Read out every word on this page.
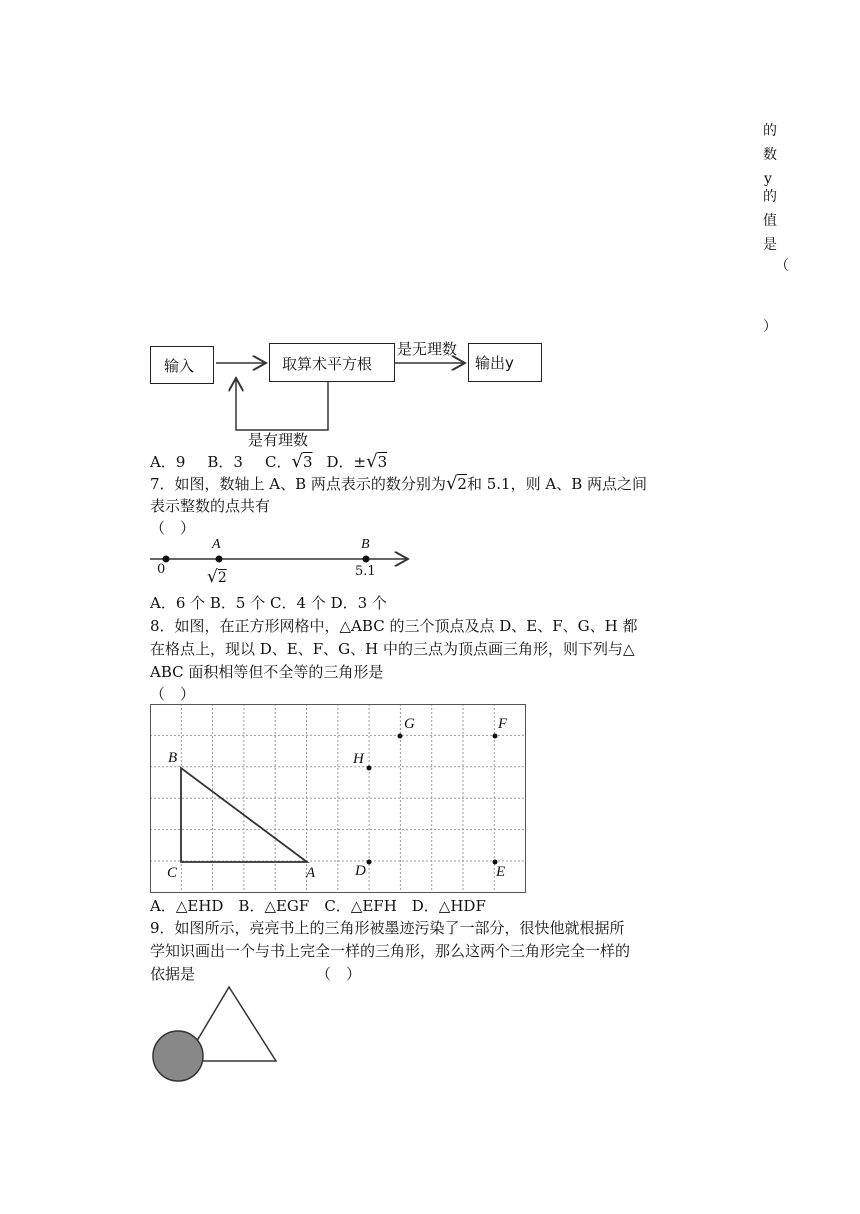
的
数
y
的
值
是
（
）
输入	取算术平方根
是无理数
输出y
是有理数
A．9 B．3 C．√3 D．±√3
7．如图，数轴上 A、B 两点表示的数分别为√2和 5.1，则 A、B 两点之间
表示整数的点共有
（　）
0
A
√2
B
5.1
A．6 个 B．5 个 C．4 个 D．3 个
8．如图，在正方形网格中，△ABC 的三个顶点及点 D、E、F、G、H 都
在格点上，现以 D、E、F、G、H 中的三点为顶点画三角形，则下列与△
ABC 面积相等但不全等的三角形是
（　）
B
C	A	D	E
F
G
H
A．△EHD　B．△EGF　C．△EFH　D．△HDF
9．如图所示，亮亮书上的三角形被墨迹污染了一部分，很快他就根据所
学知识画出一个与书上完全一样的三角形，那么这两个三角形完全一样的
依据是	（　）
